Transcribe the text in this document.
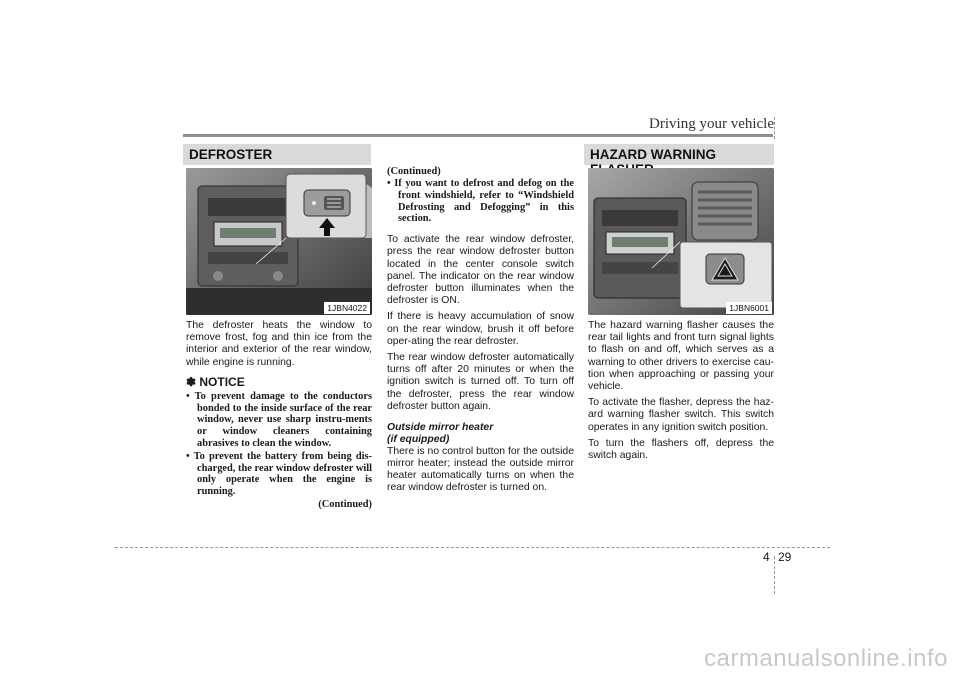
Driving your vehicle
DEFROSTER	HAZARD WARNING
1JBN4022

The defroster heats the window to remove frost, fog and thin ice from the interior and exterior of the rear window, while engine is running.

✽ NOTICE
• To prevent damage to the conductors bonded to the inside surface of the rear window, never use sharp instru-ments or window cleaners containing abrasives to clean the window.
• To prevent the battery from being dis-charged, the rear window defroster will only operate when the engine is running.
(Continued)
(Continued)
• If you want to defrost and defog on the front windshield, refer to “Windshield Defrosting and Defogging” in this section.

To activate the rear window defroster, press the rear window defroster button located in the center console switch panel. The indicator on the rear window defroster button illuminates when the defroster is ON.

If there is heavy accumulation of snow on the rear window, brush it off before oper-ating the rear defroster.

The rear window defroster automatically turns off after 20 minutes or when the ignition switch is turned off. To turn off the defroster, press the rear window defroster button again.

Outside mirror heater
(if equipped)

There is no control button for the outside mirror heater; instead the outside mirror heater automatically turns on when the rear window defroster is turned on.

1JBN6001

The hazard warning flasher causes the rear tail lights and front turn signal lights to flash on and off, which serves as a warning to other drivers to exercise cau-tion when approaching or passing your vehicle.

To activate the flasher, depress the haz-ard warning flasher switch. This switch operates in any ignition switch position.

To turn the flashers off, depress the switch again.

4 29
carmanualsonline.info
